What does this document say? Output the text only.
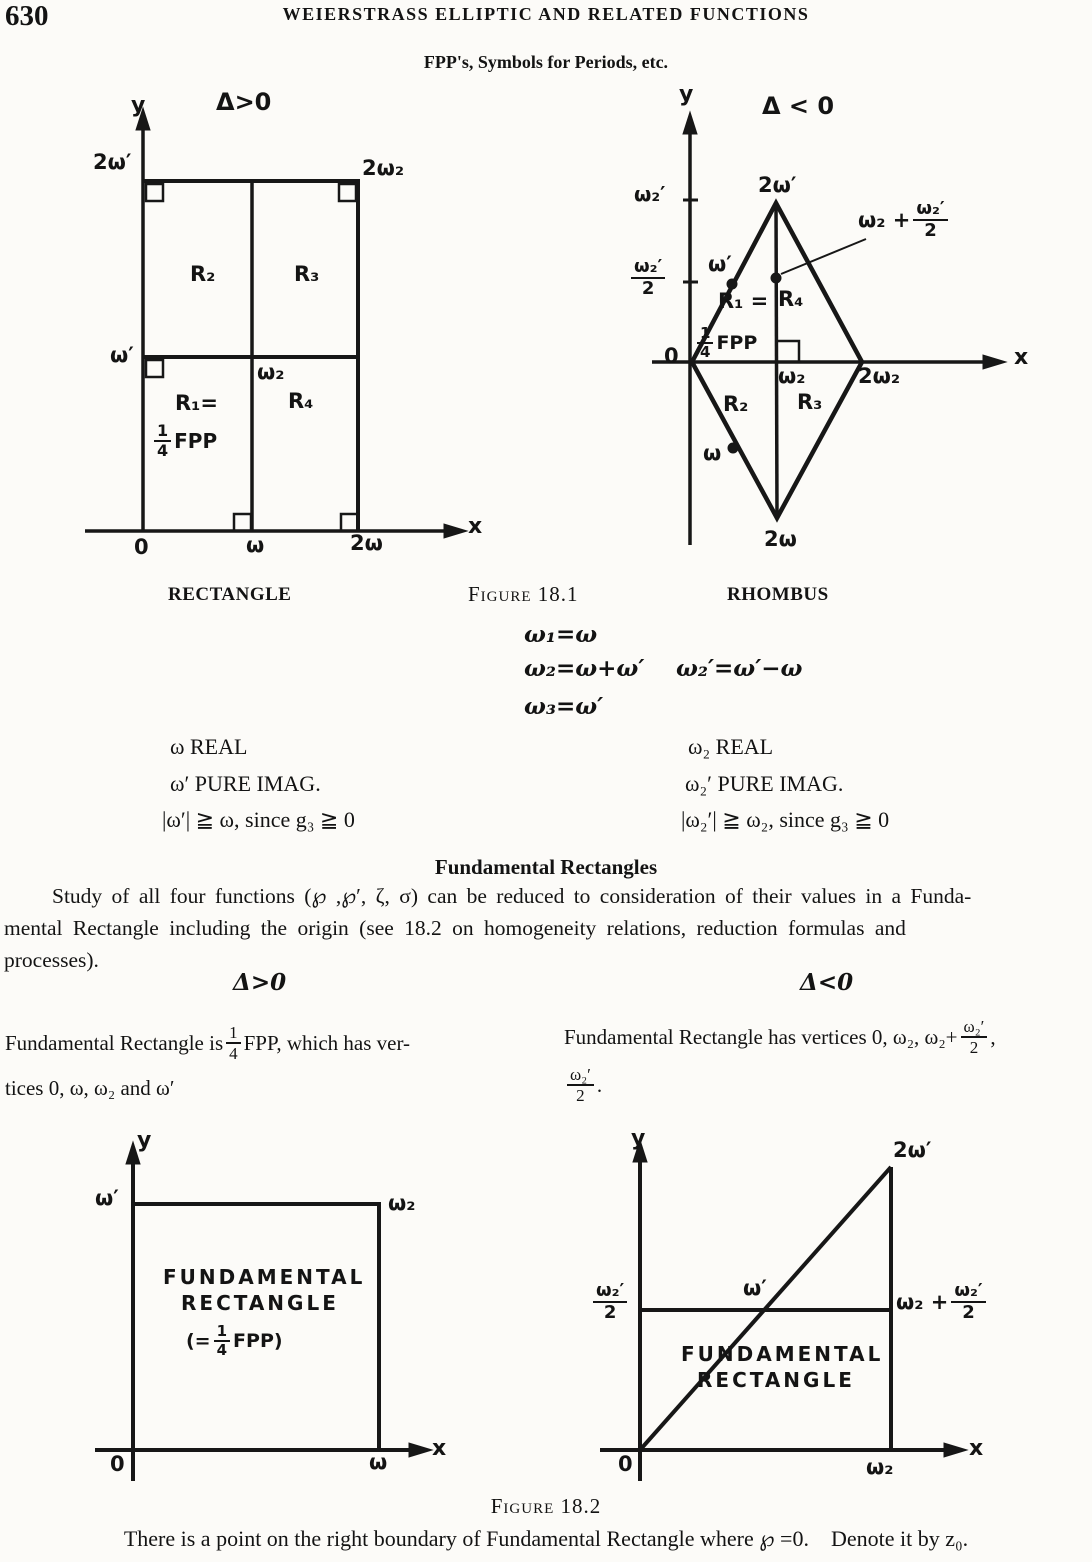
630	WEIERSTRASS ELLIPTIC AND RELATED FUNCTIONS
FPP's, Symbols for Periods, etc.
Δ>0
y
2ω′	2ω₂
ω′
ω₂
R₂	R₃
R₁=
$\frac{1}{4}$ FPP
R₄
x
0	ω	2ω
Δ < 0
y
ω₂′
$\frac{\text{ω₂′}}{2}$
2ω′
ω′
$\omega_2 + \frac{\text{ω₂′}}{2}$
R₁ = R₄
$\frac{1}{4}$ FPP
0
ω₂	2ω₂
R₂ R₃
ω
2ω
x
RECTANGLE	Figure 18.1	RHOMBUS
ω₁=ω
ω₂=ω+ω′ ω₂′=ω′−ω
ω₃=ω′
ω REAL
ω′ PURE IMAG.
|ω′| ≧ ω, since g₃ ≧ 0
ω₂ REAL
ω₂′ PURE IMAG.
|ω₂′| ≧ ω₂, since g₃ ≧ 0
Fundamental Rectangles
Study of all four functions (℘ ,℘′, ζ, σ) can be reduced to consideration of their values in a Funda-
mental Rectangle including the origin (see 18.2 on homogeneity relations, reduction formulas and
processes).
Δ>0	Δ<0
Fundamental Rectangle is $\frac{1}{4}$ FPP, which has ver-
tices 0, ω, ω₂ and ω′
Fundamental Rectangle has vertices 0, ω₂, $\omega_2+ \frac{\text{ω₂′}}{2}$ ,
$\frac{\text{ω₂′}}{2}$ .
y
ω′	ω₂
FUNDAMENTAL
RECTANGLE
(= $\frac{1}{4} FPP$)
0	ω
x
y	2ω′
$\frac{\text{ω₂′}}{2}$	ω′
$\omega_2 + \frac{\text{ω₂′}}{2}$
FUNDAMENTAL
RECTANGLE
0	ω₂
x
Figure 18.2
There is a point on the right boundary of Fundamental Rectangle where ℘ =0. Denote it by z₀.
